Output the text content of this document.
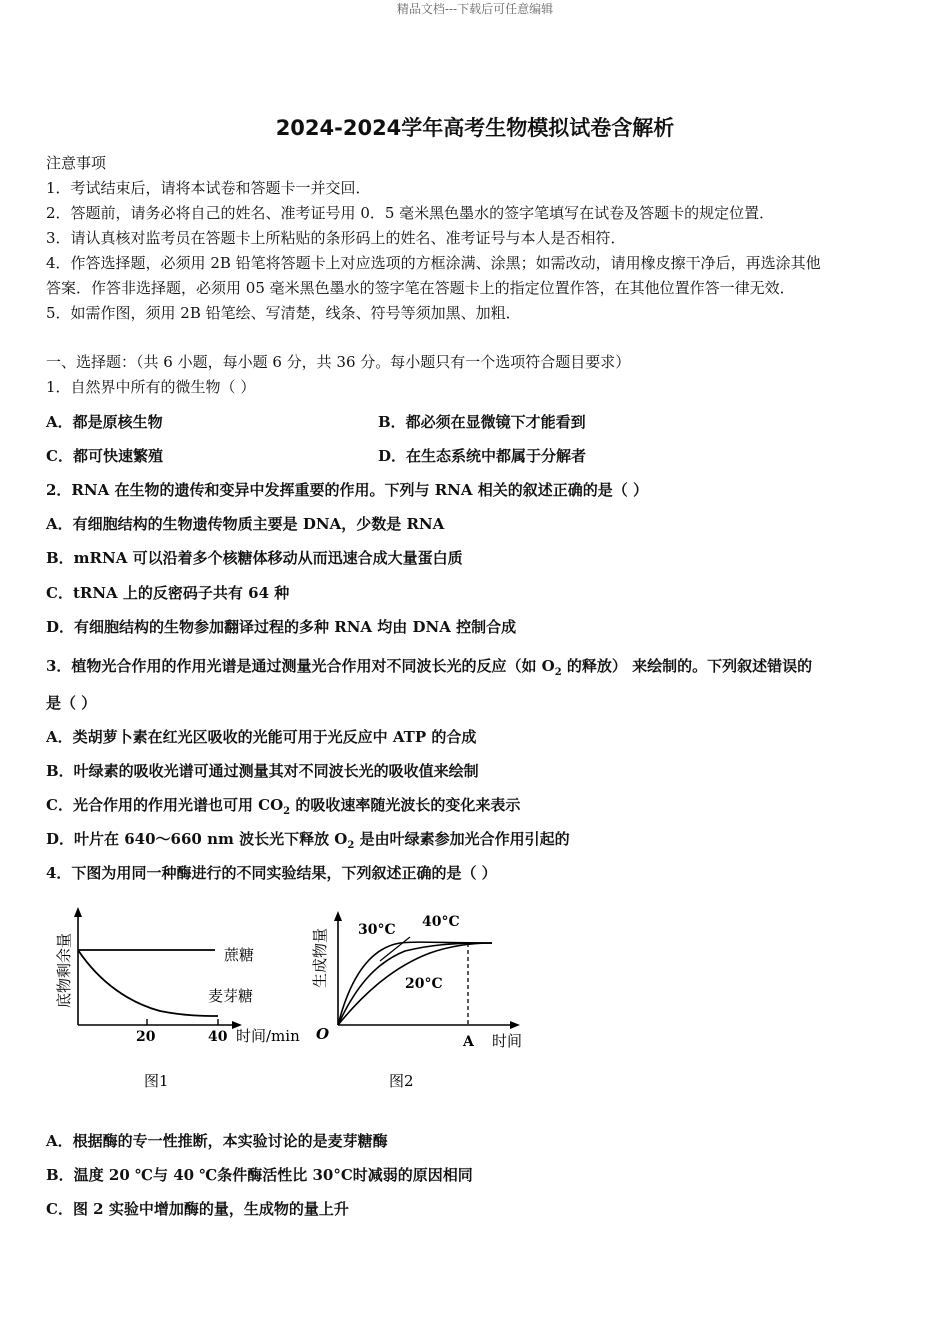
精品文档---下载后可任意编辑
2024-2024学年高考生物模拟试卷含解析
注意事项
1．考试结束后，请将本试卷和答题卡一并交回．
2．答题前，请务必将自己的姓名、准考证号用 0．5 毫米黑色墨水的签字笔填写在试卷及答题卡的规定位置．
3．请认真核对监考员在答题卡上所粘贴的条形码上的姓名、准考证号与本人是否相符．
4．作答选择题，必须用 2B 铅笔将答题卡上对应选项的方框涂满、涂黑；如需改动，请用橡皮擦干净后，再选涂其他
答案．作答非选择题，必须用 05 毫米黑色墨水的签字笔在答题卡上的指定位置作答，在其他位置作答一律无效．
5．如需作图，须用 2B 铅笔绘、写清楚，线条、符号等须加黑、加粗．
一、选择题：（共 6 小题，每小题 6 分，共 36 分。每小题只有一个选项符合题目要求）
1．自然界中所有的微生物（ ）
A．都是原核生物	B．都必须在显微镜下才能看到
C．都可快速繁殖	D．在生态系统中都属于分解者
2．RNA 在生物的遗传和变异中发挥重要的作用。下列与 RNA 相关的叙述正确的是（ ）
A．有细胞结构的生物遗传物质主要是 DNA，少数是 RNA
B．mRNA 可以沿着多个核糖体移动从而迅速合成大量蛋白质
C．tRNA 上的反密码子共有 64 种
D．有细胞结构的生物参加翻译过程的多种 RNA 均由 DNA 控制合成
3．植物光合作用的作用光谱是通过测量光合作用对不同波长光的反应（如 $O_2$ 的释放） 来绘制的。下列叙述错误的
是（ ）
A．类胡萝卜素在红光区吸收的光能可用于光反应中 ATP 的合成
B．叶绿素的吸收光谱可通过测量其对不同波长光的吸收值来绘制
C．光合作用的作用光谱也可用 $CO_2$ 的吸收速率随光波长的变化来表示
D．叶片在 640～660 nm 波长光下释放 $O_2$ 是由叶绿素参加光合作用引起的
4．下图为用同一种酶进行的不同实验结果，下列叙述正确的是（ ）
底物剩余量	蔗糖
麦芽糖
20	40 时间/min
图1
生成物量 30°C 40°C
20°C
O	A 时间
图2
A．根据酶的专一性推断，本实验讨论的是麦芽糖酶
B．温度 20 ℃与 40 ℃条件酶活性比 30°C时减弱的原因相同
C．图 2 实验中增加酶的量，生成物的量上升
